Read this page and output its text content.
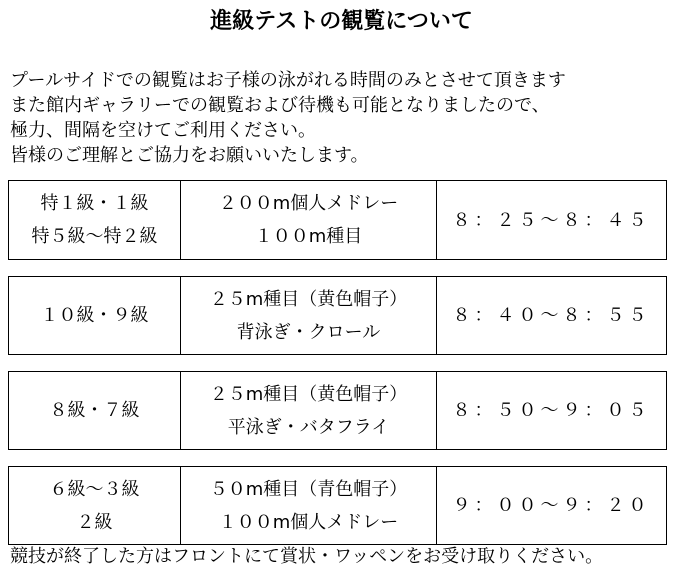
進級テストの観覧について
プールサイドでの観覧はお子様の泳がれる時間のみとさせて頂きます
また館内ギャラリーでの観覧および待機も可能となりましたので、
極力、間隔を空けてご利用ください。
皆様のご理解とご協力をお願いいたします。
特１級・１級
特５級～特２級
２００m個人メドレー
１００m種目
８：２５～８：４５
１０級・９級
２５m種目（黄色帽子）
背泳ぎ・クロール
８：４０～８：５５
８級・７級
２５m種目（黄色帽子）
平泳ぎ・バタフライ
８：５０～９：０５
６級～３級
２級
５０m種目（青色帽子）
１００m個人メドレー
９：００～９：２０
競技が終了した方はフロントにて賞状・ワッペンをお受け取りください。
